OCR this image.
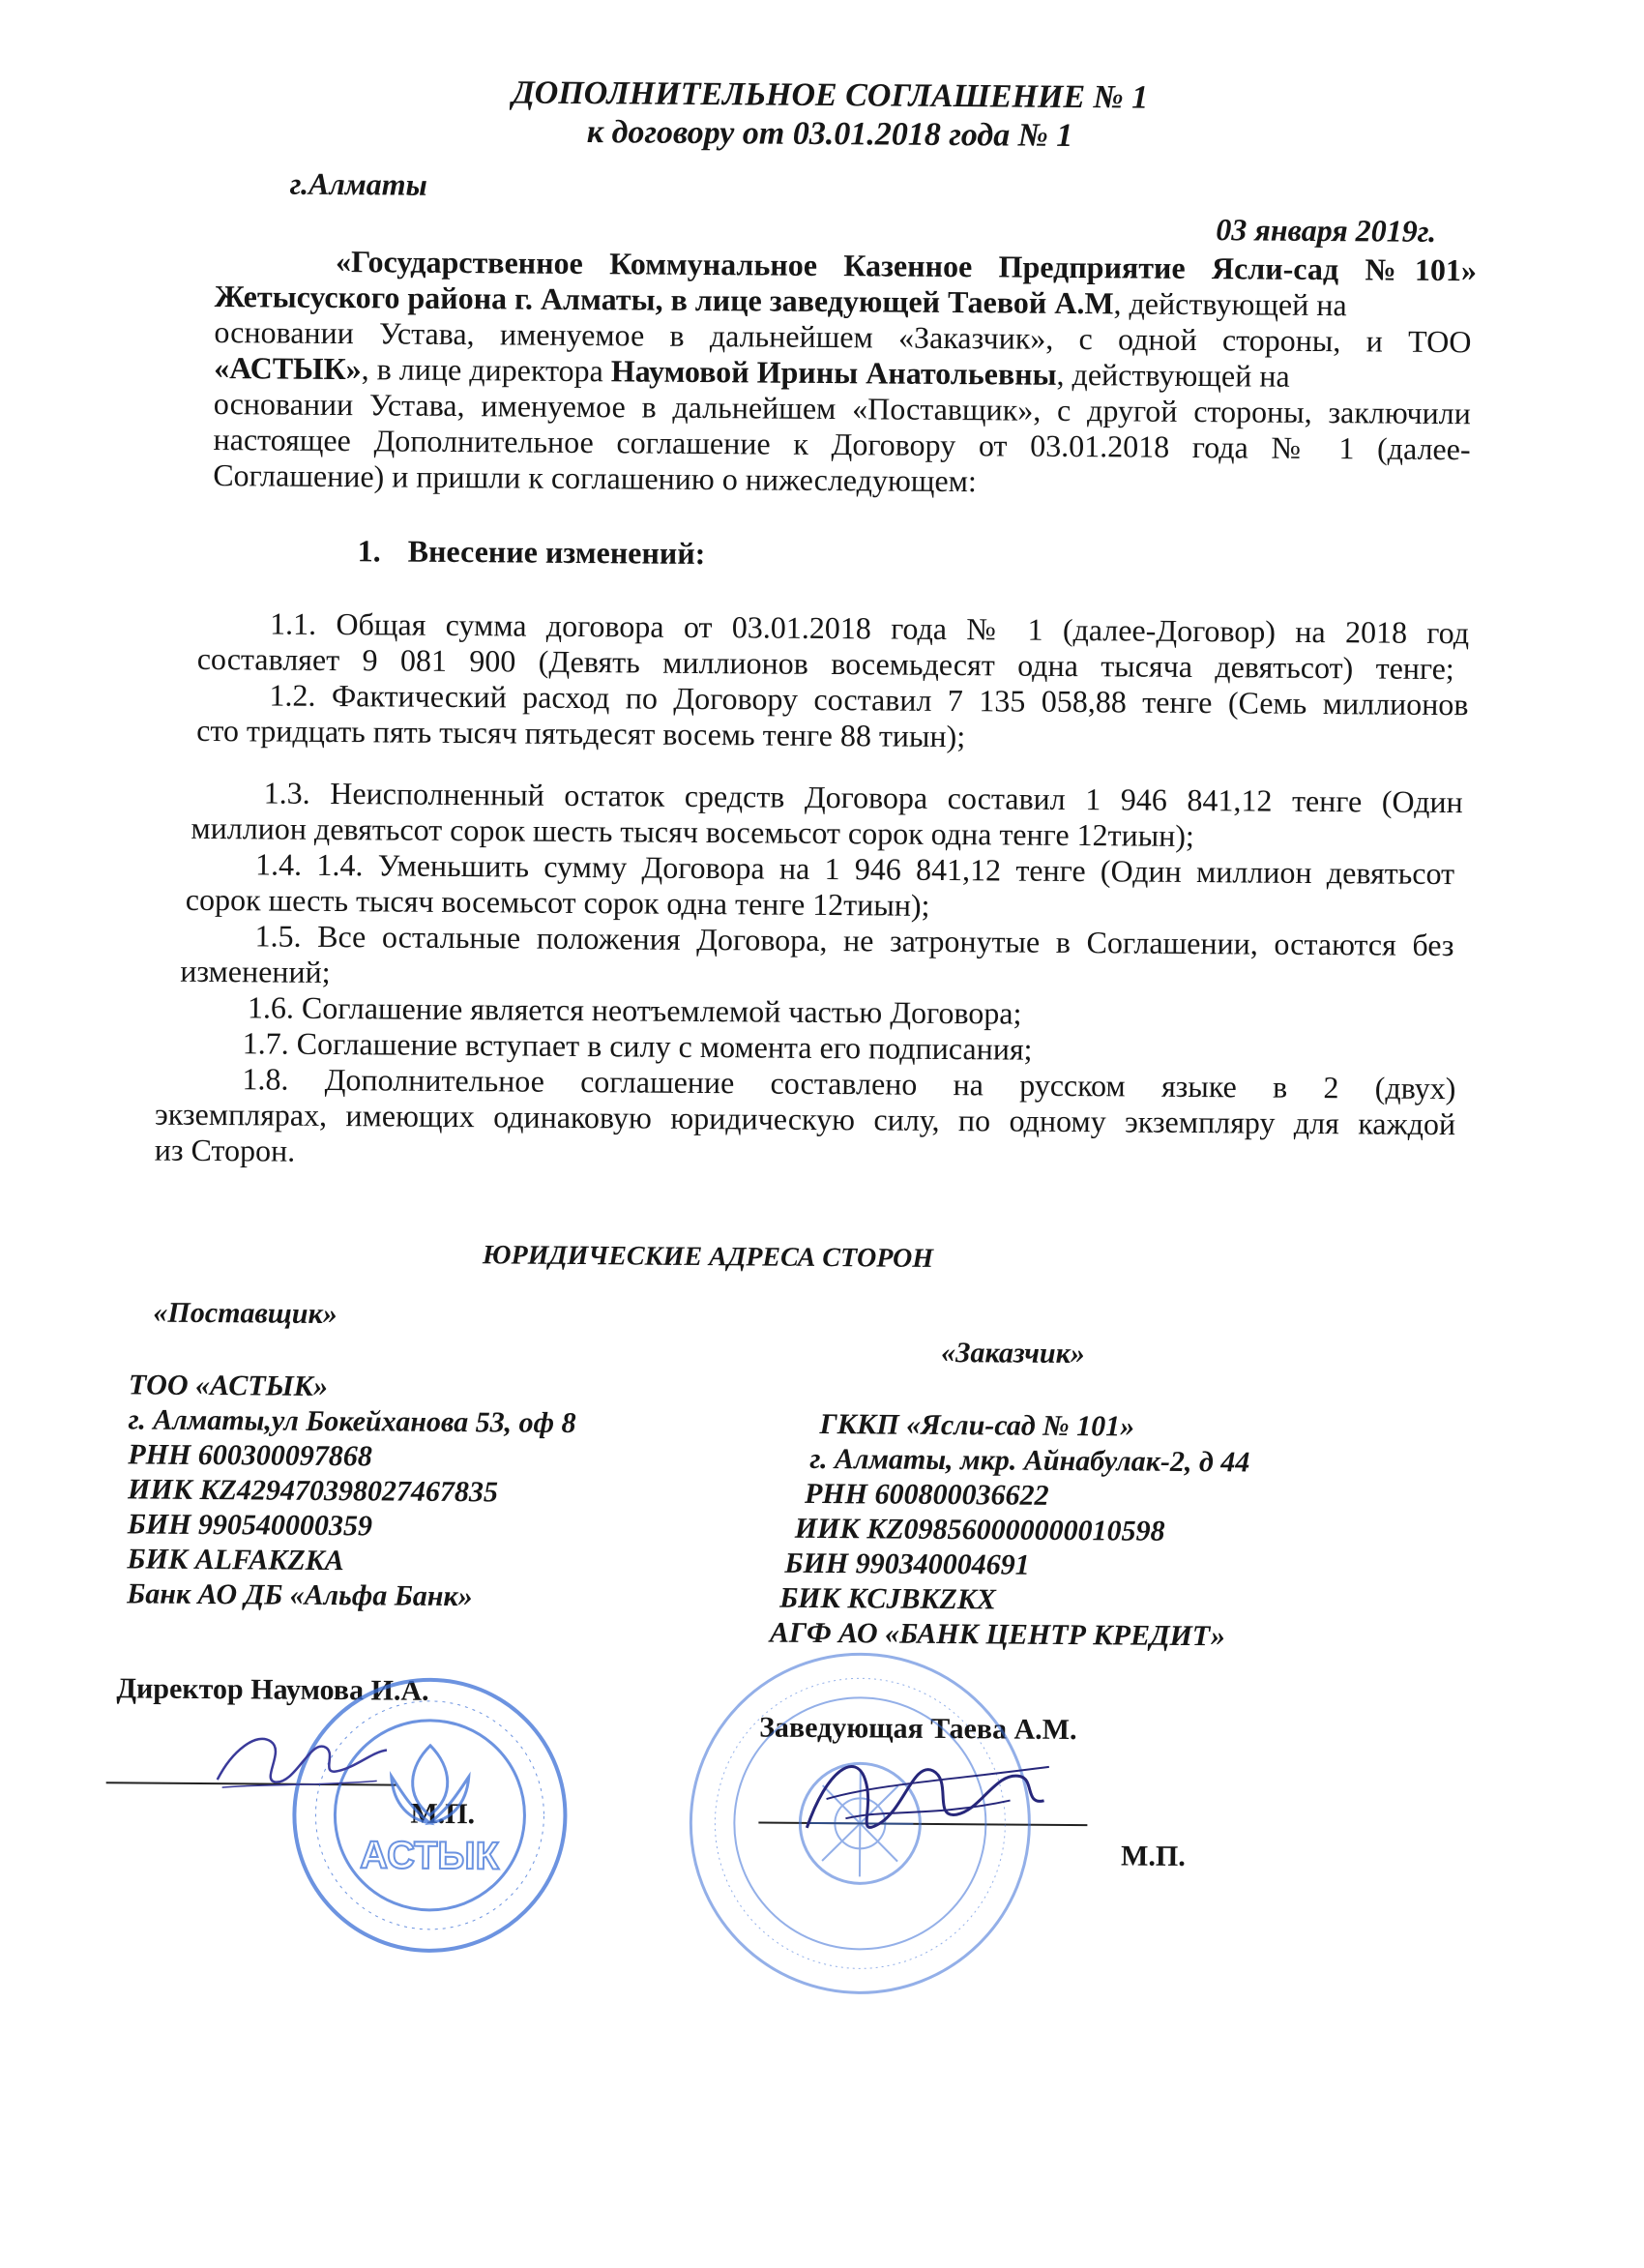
ДОПОЛНИТЕЛЬНОЕ СОГЛАШЕНИЕ № 1
к договору от 03.01.2018 года № 1
г.Алматы
03 января 2019г.
«Государственное Коммунальное Казенное Предприятие Ясли-сад №101»
Жетысуского района г. Алматы, в лице заведующей Таевой А.М, действующей на
основании Устава, именуемое в дальнейшем «Заказчик», с одной стороны, и ТОО
«АСТЫК», в лице директора Наумовой Ирины Анатольевны, действующей на
основании Устава, именуемое в дальнейшем «Поставщик», с другой стороны, заключили
настоящее Дополнительное соглашение к Договору от 03.01.2018 года № 1 (далее-
Соглашение) и пришли к соглашению о нижеследующем:
1. Внесение изменений:
1.1. Общая сумма договора от 03.01.2018 года № 1 (далее-Договор) на 2018 год
составляет 9 081 900 (Девять миллионов восемьдесят одна тысяча девятьсот) тенге;
1.2. Фактический расход по Договору составил 7 135 058,88 тенге (Семь миллионов
сто тридцать пять тысяч пятьдесят восемь тенге 88 тиын);
1.3. Неисполненный остаток средств Договора составил 1 946 841,12 тенге (Один
миллион девятьсот сорок шесть тысяч восемьсот сорок одна тенге 12тиын);
1.4. 1.4. Уменьшить сумму Договора на 1 946 841,12 тенге (Один миллион девятьсот
сорок шесть тысяч восемьсот сорок одна тенге 12тиын);
1.5. Все остальные положения Договора, не затронутые в Соглашении, остаются без
изменений;
1.6. Соглашение является неотъемлемой частью Договора;
1.7. Соглашение вступает в силу с момента его подписания;
1.8. Дополнительное соглашение составлено на русском языке в 2 (двух)
экземплярах, имеющих одинаковую юридическую силу, по одному экземпляру для каждой
из Сторон.
ЮРИДИЧЕСКИЕ АДРЕСА СТОРОН
«Поставщик»
«Заказчик»
ТОО «АСТЫК»
г. Алматы,ул Бокейханова 53, оф 8
РНН 600300097868
ИИК KZ429470398027467835
БИН 990540000359
БИК ALFAKZKA
Банк АО ДБ «Альфа Банк»
ГККП «Ясли-сад № 101»
г. Алматы, мкр. Айнабулак-2, д 44
РНН 600800036622
ИИК KZ098560000000010598
БИН 990340004691
БИК KCJBKZKX
АГФ АО «БАНК ЦЕНТР КРЕДИТ»
Директор Наумова И.А.
Заведующая Таева А.М.
М.П.
М.П.
АСТЫК
